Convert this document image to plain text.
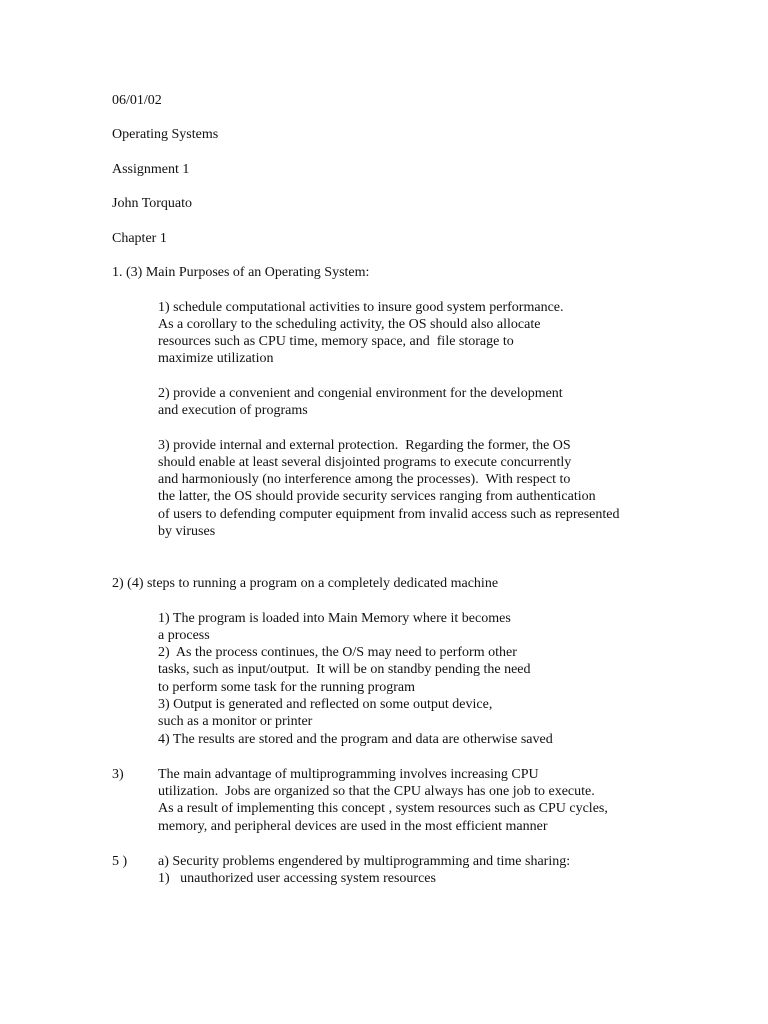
06/01/02

Operating Systems

Assignment 1

John Torquato

Chapter 1

1. (3) Main Purposes of an Operating System:

1) schedule computational activities to insure good system performance.

As a corollary to the scheduling activity, the OS should also allocate

resources such as CPU time, memory space, and  file storage to

maximize utilization

2) provide a convenient and congenial environment for the development

and execution of programs

3) provide internal and external protection.  Regarding the former, the OS

should enable at least several disjointed programs to execute concurrently

and harmoniously (no interference among the processes).  With respect to

the latter, the OS should provide security services ranging from authentication

of users to defending computer equipment from invalid access such as represented

by viruses

2) (4) steps to running a program on a completely dedicated machine

1) The program is loaded into Main Memory where it becomes

a process

2)  As the process continues, the O/S may need to perform other

tasks, such as input/output.  It will be on standby pending the need

to perform some task for the running program

3) Output is generated and reflected on some output device,

such as a monitor or printer

4) The results are stored and the program and data are otherwise saved

3) The main advantage of multiprogramming involves increasing CPU

utilization.  Jobs are organized so that the CPU always has one job to execute.

As a result of implementing this concept , system resources such as CPU cycles,

memory, and peripheral devices are used in the most efficient manner

5 ) a) Security problems engendered by multiprogramming and time sharing:

1)   unauthorized user accessing system resources
